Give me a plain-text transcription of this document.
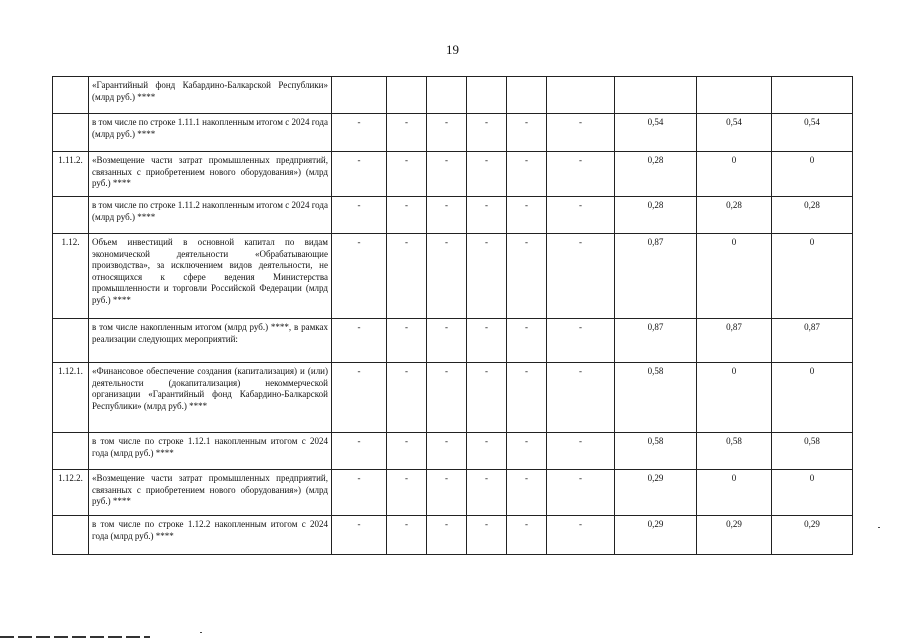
19
	«Гарантийный фонд Кабардино-Балкарской Республики» (млрд руб.) ****									
	в том числе по строке 1.11.1 накопленным итогом с 2024 года (млрд руб.) ****	-	-	-	-	-	-	0,54	0,54	0,54
1.11.2.	«Возмещение части затрат промышленных предприятий, связанных с приобретением нового оборудования») (млрд руб.) ****	-	-	-	-	-	-	0,28	0	0
	в том числе по строке 1.11.2 накопленным итогом с 2024 года (млрд руб.) ****	-	-	-	-	-	-	0,28	0,28	0,28
1.12.	Объем инвестиций в основной капитал по видам экономической деятельности «Обрабатывающие производства», за исключением видов деятельности, не относящихся к сфере ведения Министерства промышленности и торговли Российской Федерации (млрд руб.) ****	-	-	-	-	-	-	0,87	0	0
	в том числе накопленным итогом (млрд руб.) ****, в рамках реализации следующих мероприятий:	-	-	-	-	-	-	0,87	0,87	0,87
1.12.1.	«Финансовое обеспечение создания (капитализация) и (или) деятельности (докапитализация) некоммерческой организации «Гарантийный фонд Кабардино-Балкарской Республики» (млрд руб.) ****	-	-	-	-	-	-	0,58	0	0
	в том числе по строке 1.12.1 накопленным итогом с 2024 года (млрд руб.) ****	-	-	-	-	-	-	0,58	0,58	0,58
1.12.2.	«Возмещение части затрат промышленных предприятий, связанных с приобретением нового оборудования») (млрд руб.) ****	-	-	-	-	-	-	0,29	0	0
	в том числе по строке 1.12.2 накопленным итогом с 2024 года (млрд руб.) ****	-	-	-	-	-	-	0,29	0,29	0,29
